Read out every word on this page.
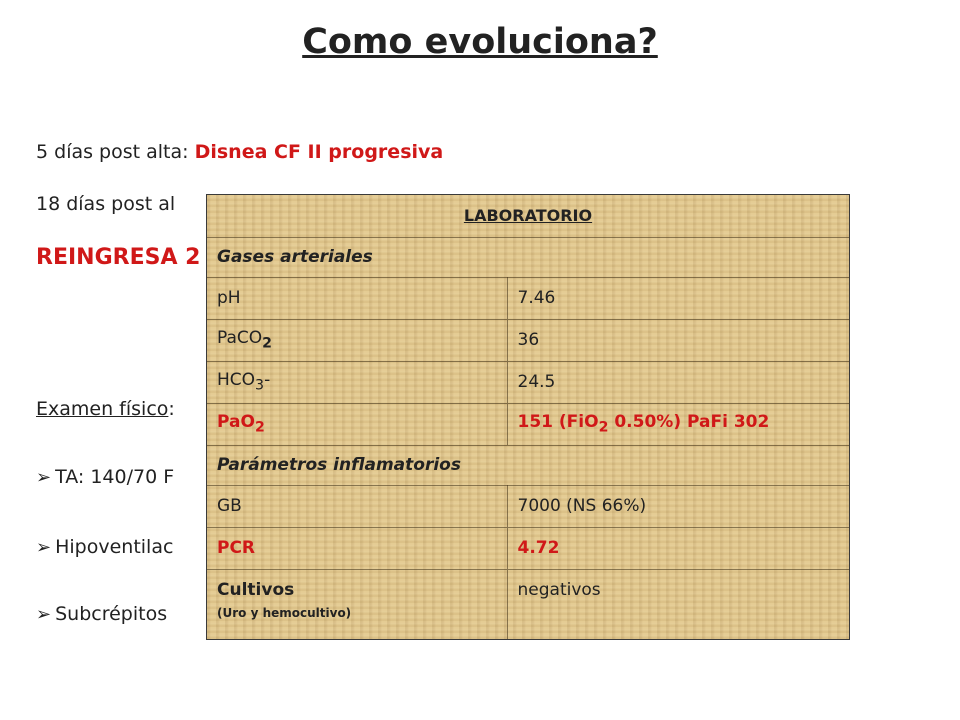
Como evoluciona?
5 días post alta: Disnea CF II progresiva
18 días post al
REINGRESA 2
Examen físico:
➢ TA: 140/70 F
➢ Hipoventilac
➢ Subcrépitos
LABORATORIO	
Gases arteriales	
pH	7.46
PaCO$_2$	36
$HCO_3-$	24.5
PaO$_2$	151 (FiO$_2$ 0.50%) PaFi 302
Parámetros inflamatorios	
GB	7000 (NS 66%)
PCR	4.72
Cultivos
(Uro y hemocultivo)	negativos
